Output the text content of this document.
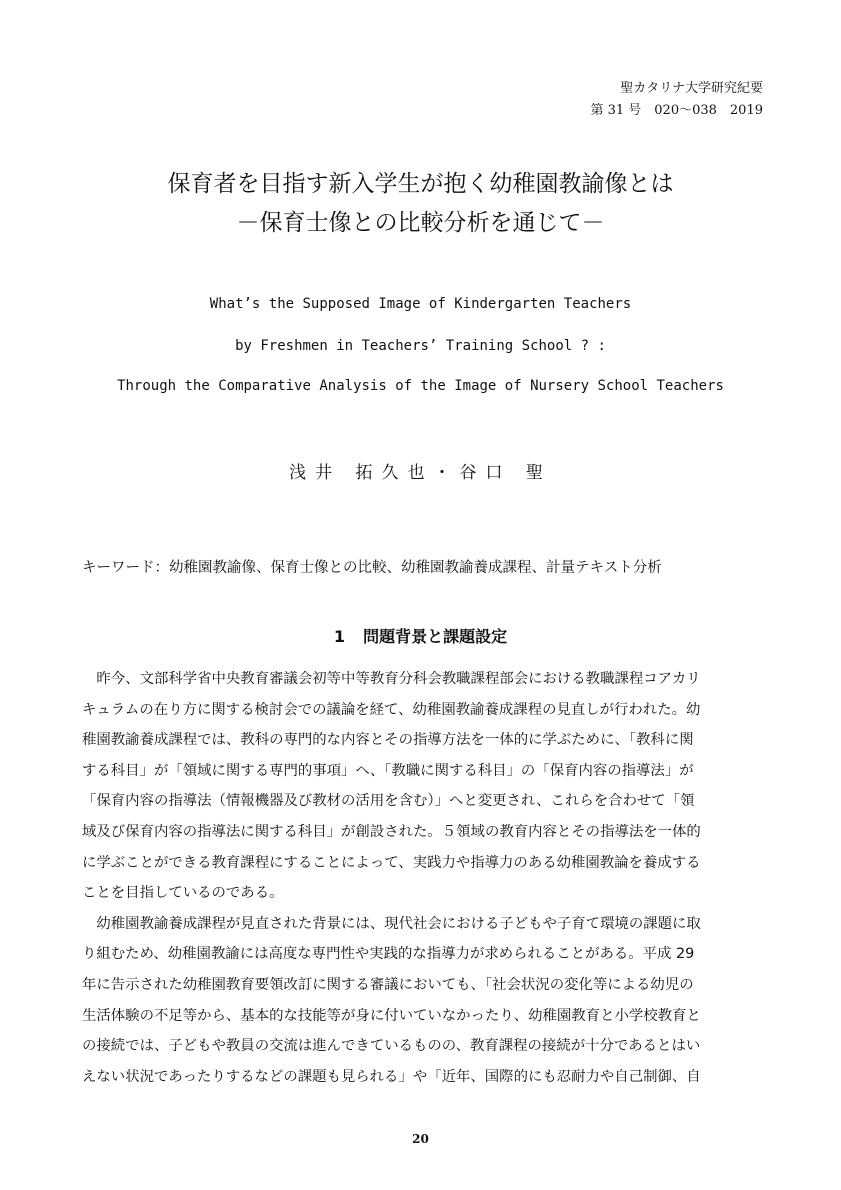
聖カタリナ大学研究紀要
第 31 号　020～038　2019
保育者を目指す新入学生が抱く幼稚園教諭像とは
－保育士像との比較分析を通じて－
What’s the Supposed Image of Kindergarten Teachers
by Freshmen in Teachers’ Training School ? :
Through the Comparative Analysis of the Image of Nursery School Teachers
浅井 拓久也・谷口 聖
キーワード：幼稚園教諭像、保育士像との比較、幼稚園教諭養成課程、計量テキスト分析
1 問題背景と課題設定
　昨今、文部科学省中央教育審議会初等中等教育分科会教職課程部会における教職課程コアカリ
キュラムの在り方に関する検討会での議論を経て、幼稚園教諭養成課程の見直しが行われた。幼
稚園教諭養成課程では、教科の専門的な内容とその指導方法を一体的に学ぶために、「教科に関
する科目」が「領域に関する専門的事項」へ、「教職に関する科目」の「保育内容の指導法」が
「保育内容の指導法（情報機器及び教材の活用を含む）」へと変更され、これらを合わせて「領
域及び保育内容の指導法に関する科目」が創設された。５領域の教育内容とその指導法を一体的
に学ぶことができる教育課程にすることによって、実践力や指導力のある幼稚園教論を養成する
ことを目指しているのである。
　幼稚園教諭養成課程が見直された背景には、現代社会における子どもや子育て環境の課題に取
り組むため、幼稚園教諭には高度な専門性や実践的な指導力が求められることがある。平成 29
年に告示された幼稚園教育要領改訂に関する審議においても、「社会状況の変化等による幼児の
生活体験の不足等から、基本的な技能等が身に付いていなかったり、幼稚園教育と小学校教育と
の接続では、子どもや教員の交流は進んできているものの、教育課程の接続が十分であるとはい
えない状況であったりするなどの課題も見られる」や「近年、国際的にも忍耐力や自己制御、自
20
